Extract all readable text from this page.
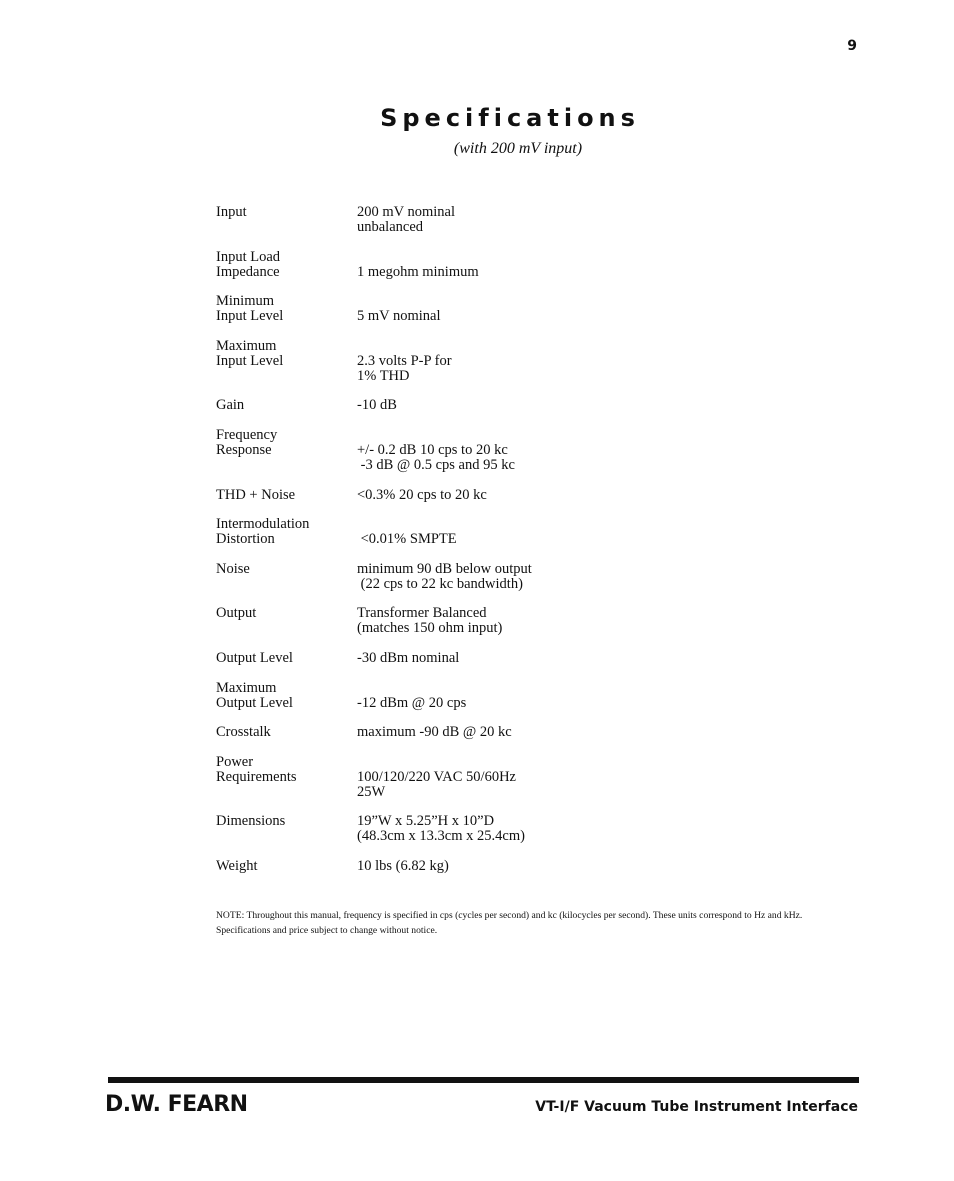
9
Specifications
(with 200 mV input)
Input	200 mV nominal
unbalanced
Input Load
Impedance	1 megohm minimum
Minimum
Input Level	5 mV nominal
Maximum
Input Level	2.3 volts P-P for
1% THD
Gain	-10 dB
Frequency
Response	+/- 0.2 dB 10 cps to 20 kc
-3 dB @ 0.5 cps and 95 kc
THD + Noise	<0.3% 20 cps to 20 kc
Intermodulation
Distortion	<0.01% SMPTE
Noise	minimum 90 dB below output
(22 cps to 22 kc bandwidth)
Output	Transformer Balanced
(matches 150 ohm input)
Output Level	-30 dBm nominal
Maximum
Output Level	-12 dBm @ 20 cps
Crosstalk	maximum -90 dB @ 20 kc
Power
Requirements	100/120/220 VAC 50/60Hz
25W
Dimensions	19”W x 5.25”H x 10”D
(48.3cm x 13.3cm x 25.4cm)
Weight	10 lbs (6.82 kg)
NOTE: Throughout this manual, frequency is specified in cps (cycles per second) and kc (kilocycles per second). These units correspond to Hz and kHz. Specifications and price subject to change without notice.
D.W. FEARN	VT-I/F Vacuum Tube Instrument Interface
